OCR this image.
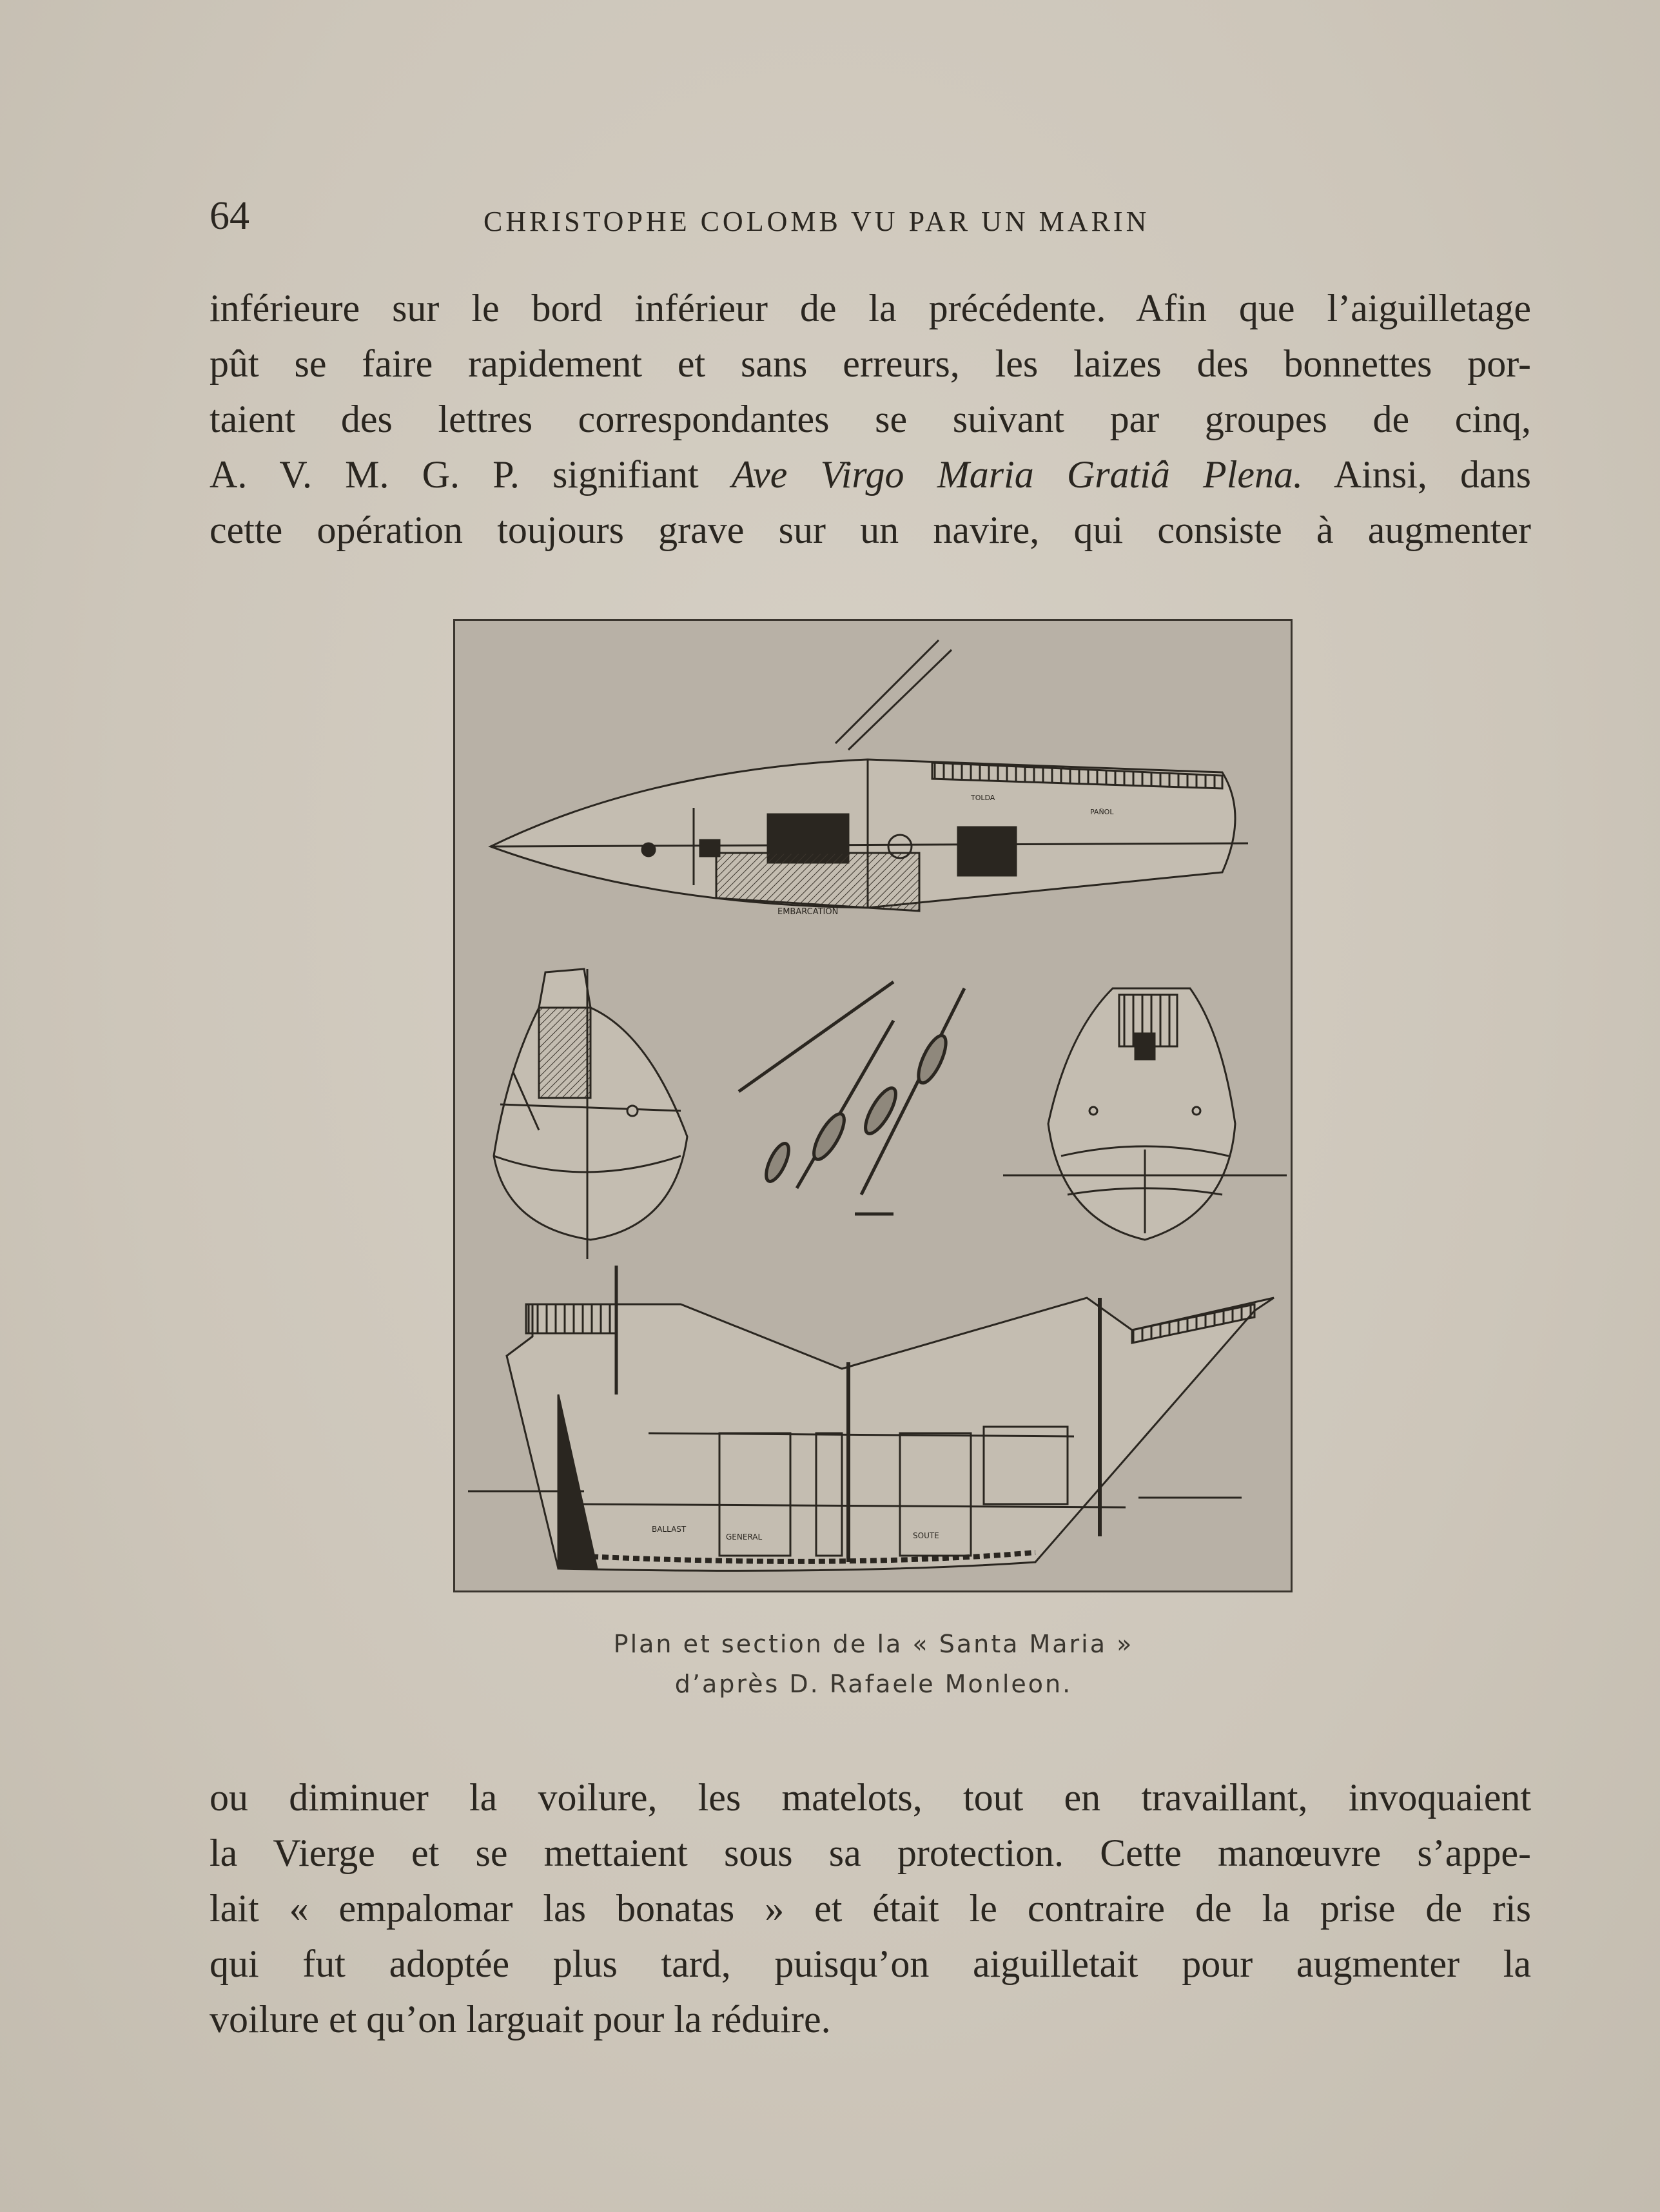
64	CHRISTOPHE COLOMB VU PAR UN MARIN

inférieure sur le bord inférieur de la précédente. Afin que l’aiguilletage
pût se faire rapidement et sans erreurs, les laizes des bonnettes por-
taient des lettres correspondantes se suivant par groupes de cinq,
A. V. M. G. P. signifiant Ave Virgo Maria Gratiâ Plena. Ainsi, dans
cette opération toujours grave sur un navire, qui consiste à augmenter

EMBARCATION
TOLDA
PAÑOL
BALLAST
GENERAL	SOUTE
Plan et section de la « Santa Maria »
d’après D. Rafaele Monleon.

ou diminuer la voilure, les matelots, tout en travaillant, invoquaient
la Vierge et se mettaient sous sa protection. Cette manœuvre s’appe-
lait « empalomar las bonatas » et était le contraire de la prise de ris
qui fut adoptée plus tard, puisqu’on aiguilletait pour augmenter la
voilure et qu’on larguait pour la réduire.
